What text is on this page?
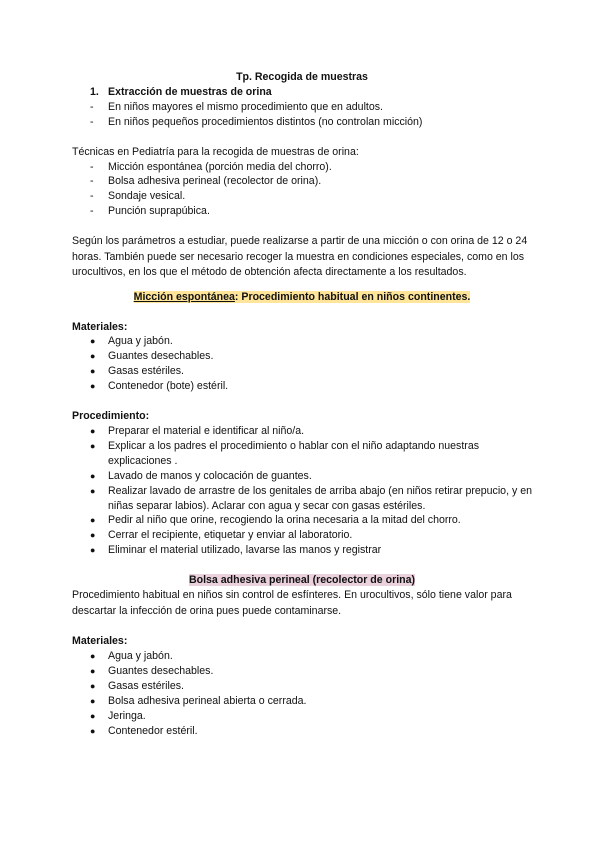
Tp. Recogida de muestras
1. Extracción de muestras de orina
- En niños mayores el mismo procedimiento que en adultos.
- En niños pequeños procedimientos distintos (no controlan micción)
Técnicas en Pediatría para la recogida de muestras de orina:
- Micción espontánea (porción media del chorro).
- Bolsa adhesiva perineal (recolector de orina).
- Sondaje vesical.
- Punción suprapúbica.
Según los parámetros a estudiar, puede realizarse a partir de una micción o con orina de 12 o 24 horas. También puede ser necesario recoger la muestra en condiciones especiales, como en los urocultivos, en los que el método de obtención afecta directamente a los resultados.
Micción espontánea: Procedimiento habitual en niños continentes.
Materiales:
● Agua y jabón.
● Guantes desechables.
● Gasas estériles.
● Contenedor (bote) estéril.
Procedimiento:
● Preparar el material e identificar al niño/a.
● Explicar a los padres el procedimiento o hablar con el niño adaptando nuestras explicaciones .
● Lavado de manos y colocación de guantes.
● Realizar lavado de arrastre de los genitales de arriba abajo (en niños retirar prepucio, y en niñas separar labios). Aclarar con agua y secar con gasas estériles.
● Pedir al niño que orine, recogiendo la orina necesaria a la mitad del chorro.
● Cerrar el recipiente, etiquetar y enviar al laboratorio.
● Eliminar el material utilizado, lavarse las manos y registrar
Bolsa adhesiva perineal (recolector de orina)
Procedimiento habitual en niños sin control de esfínteres. En urocultivos, sólo tiene valor para descartar la infección de orina pues puede contaminarse.
Materiales:
● Agua y jabón.
● Guantes desechables.
● Gasas estériles.
● Bolsa adhesiva perineal abierta o cerrada.
● Jeringa.
● Contenedor estéril.
